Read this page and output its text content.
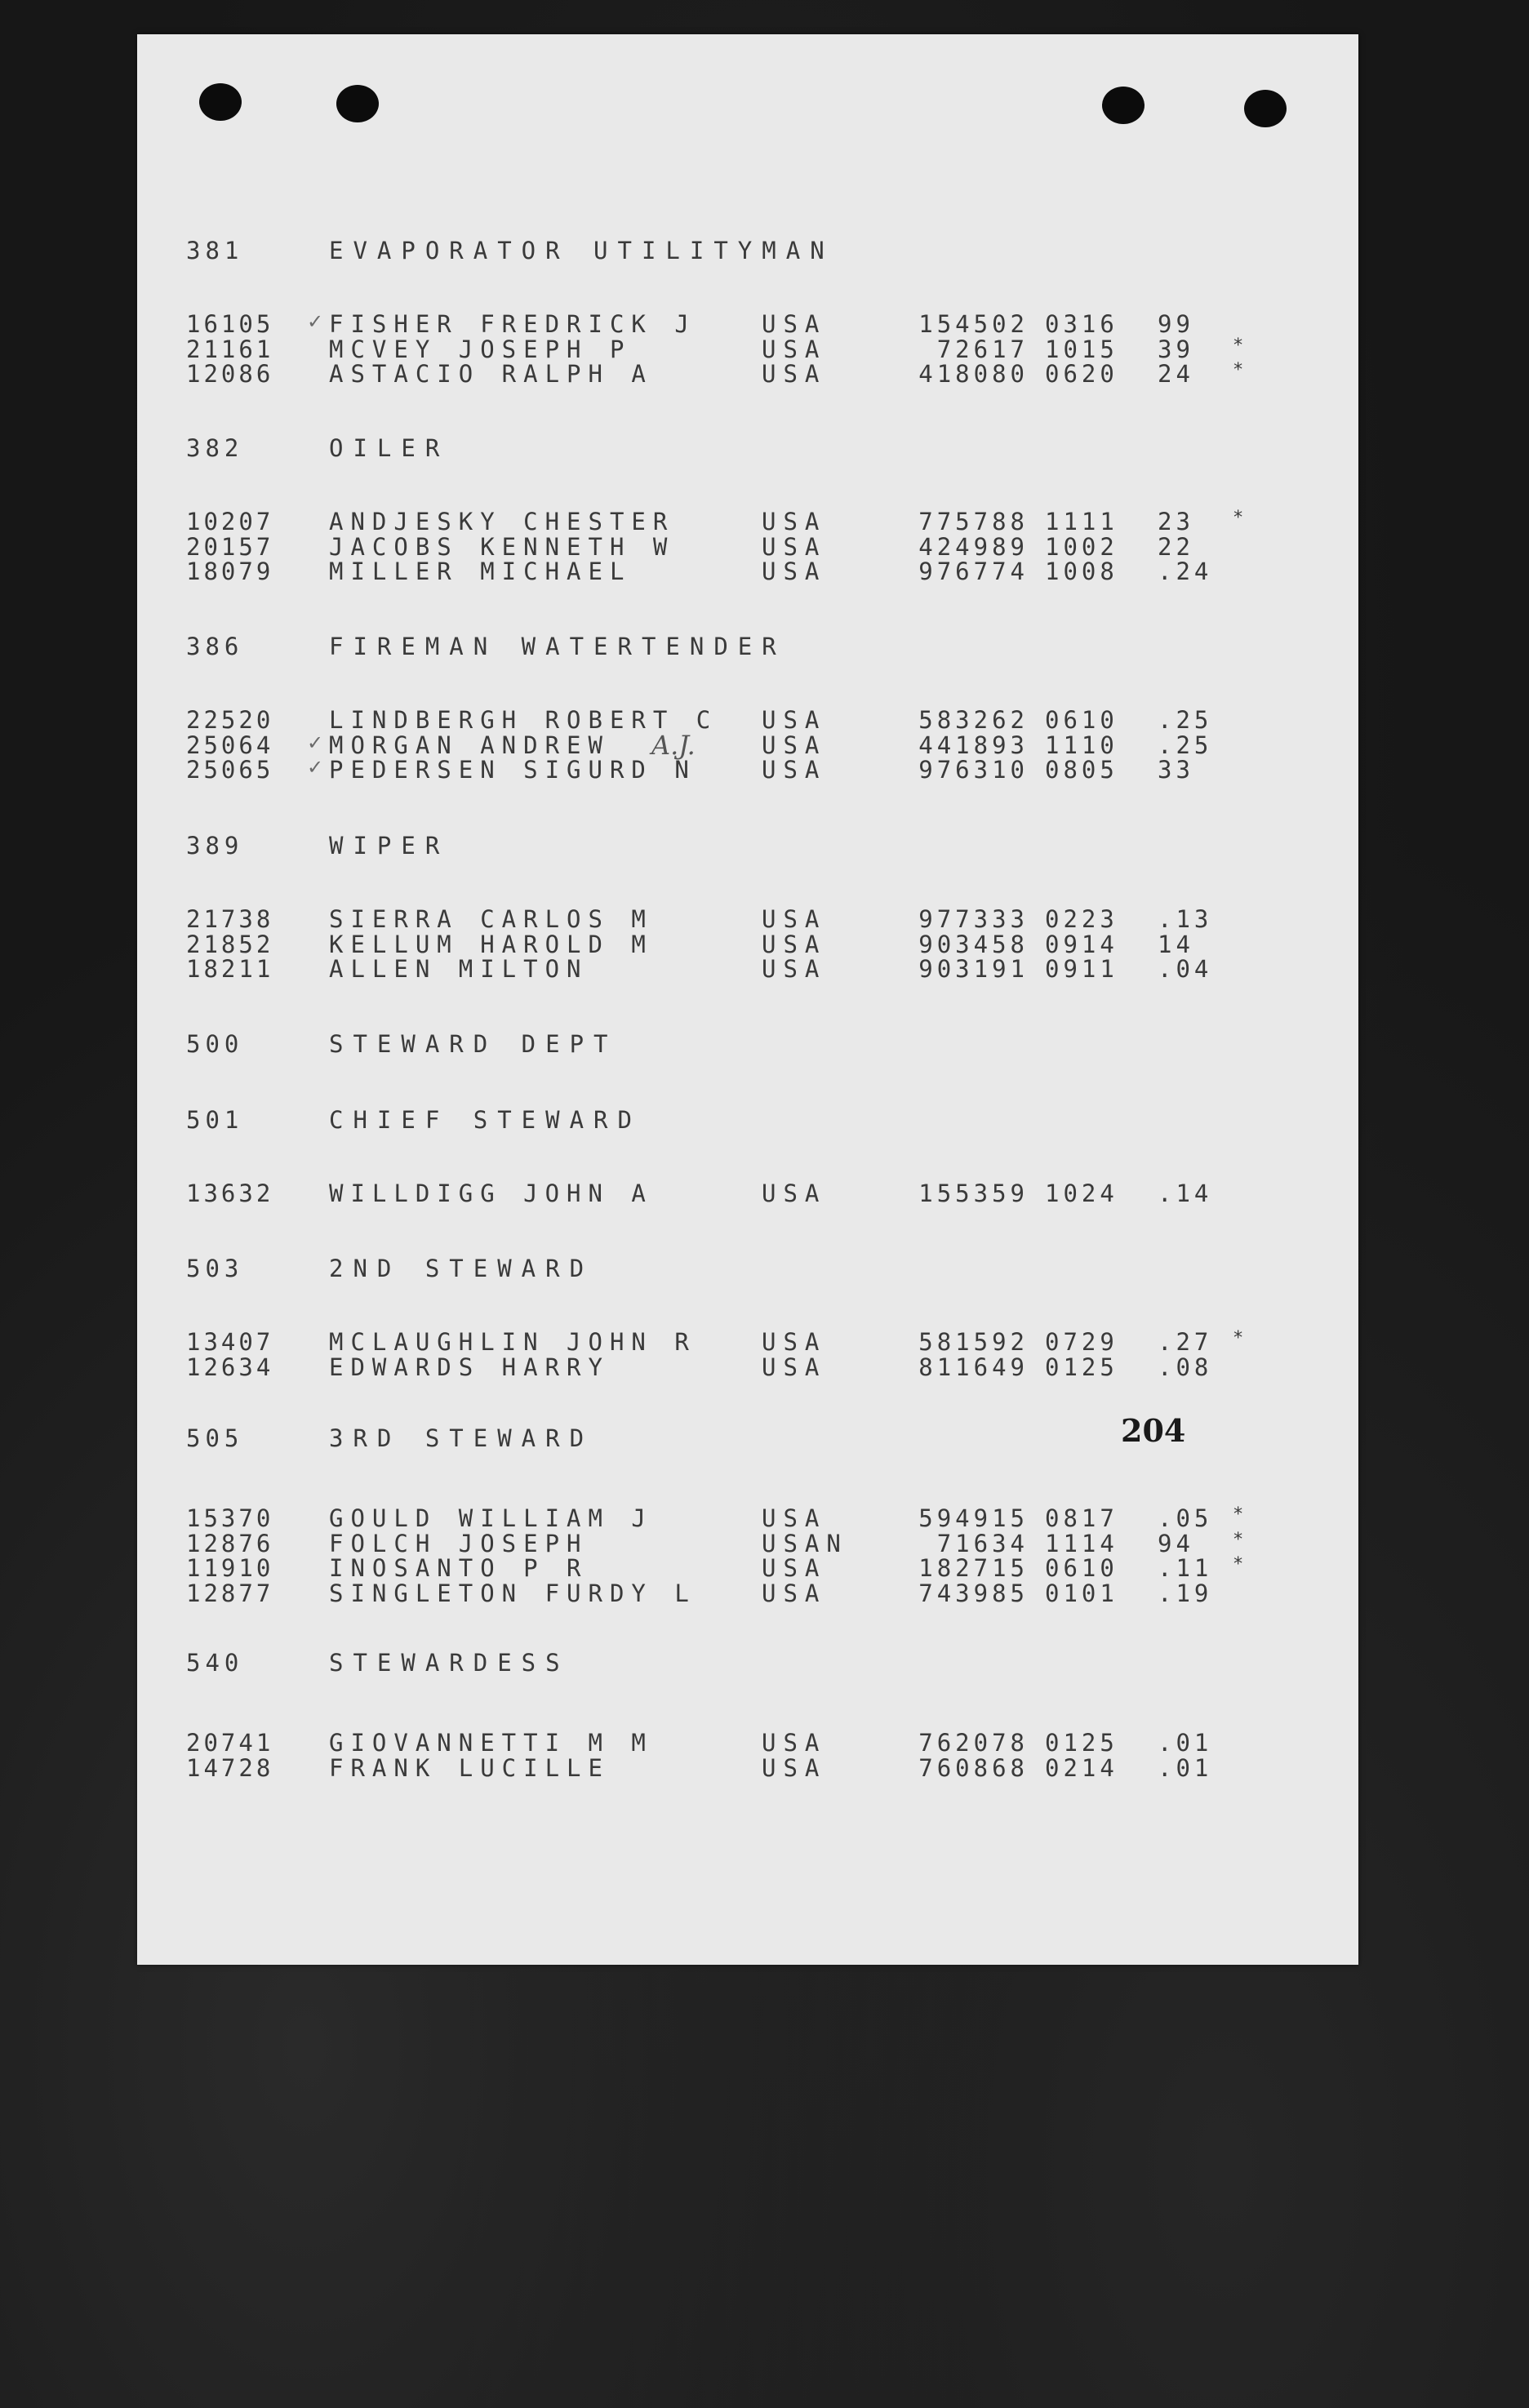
381	EVAPORATOR UTILITYMAN
16105	FISHER FREDRICK J	USA	154502 0316	99
✓
21161	MCVEY JOSEPH P	USA	72617 1015	39	*
12086	ASTACIO RALPH A	USA	418080 0620	24	*
382	OILER
10207	ANDJESKY CHESTER	USA	775788 1111	23	*
20157	JACOBS KENNETH W	USA	424989 1002	22
18079	MILLER MICHAEL	USA	976774 1008	.24
386	FIREMAN WATERTENDER
22520	LINDBERGH ROBERT C	USA	583262 0610	.25
25064	MORGAN ANDREW	USA	441893 1110	.25
✓
25065	PEDERSEN SIGURD N	USA	976310 0805	33
✓
389	WIPER
21738	SIERRA CARLOS M	USA	977333 0223	.13
21852	KELLUM HAROLD M	USA	903458 0914	14
18211	ALLEN MILTON	USA	903191 0911	.04
500	STEWARD DEPT
501	CHIEF STEWARD
13632	WILLDIGG JOHN A	USA	155359 1024	.14
503	2ND STEWARD
13407	MCLAUGHLIN JOHN R	USA	581592 0729	.27	*
12634	EDWARDS HARRY	USA	811649 0125	.08
505	3RD STEWARD
15370	GOULD WILLIAM J	USA	594915 0817	.05	*
12876	FOLCH JOSEPH	USAN	71634 1114	94	*
11910	INOSANTO P R	USA	182715 0610	.11	*
12877	SINGLETON FURDY L	USA	743985 0101	.19
540	STEWARDESS
20741	GIOVANNETTI M M	USA	762078 0125	.01
14728	FRANK LUCILLE	USA	760868 0214	.01
204
A.J.
